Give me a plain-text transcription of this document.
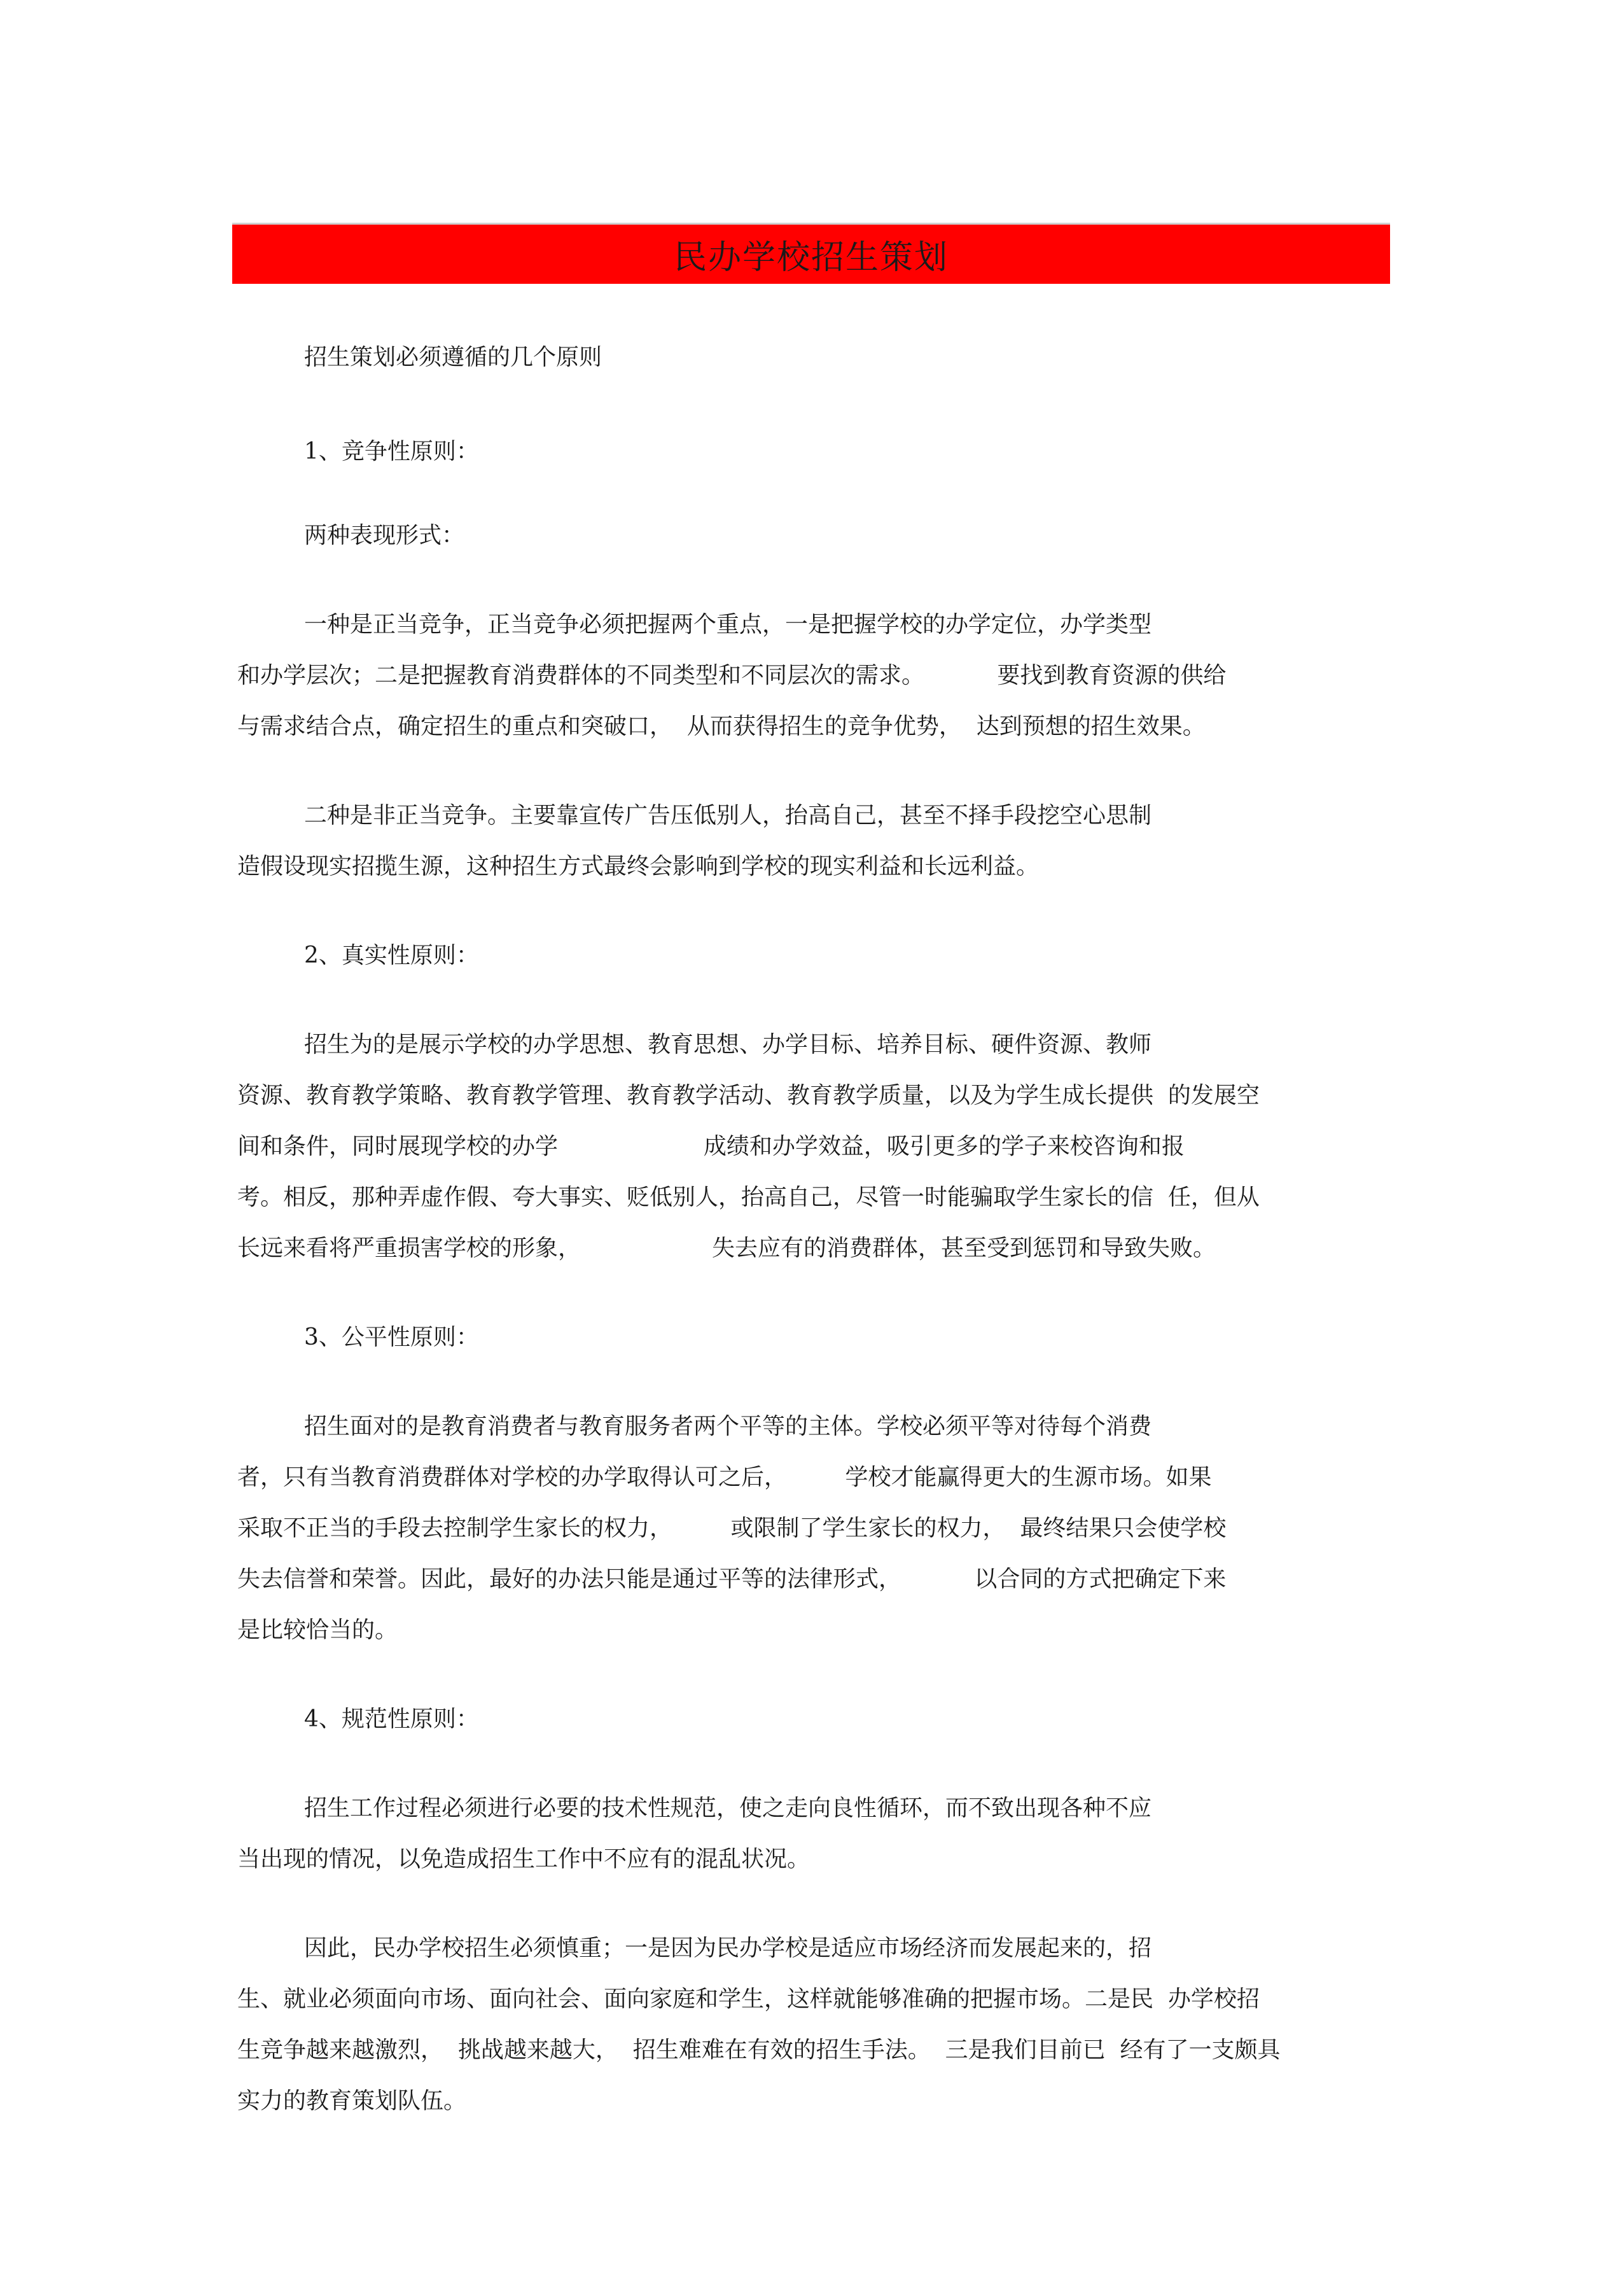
民办学校招生策划
招生策划必须遵循的几个原则
1、竞争性原则：
两种表现形式：
一种是正当竞争，正当竞争必须把握两个重点，一是把握学校的办学定位，办学类型
和办学层次；二是把握教育消费群体的不同类型和不同层次的需求。          要找到教育资源的供给
与需求结合点，确定招生的重点和突破口，  从而获得招生的竞争优势，  达到预想的招生效果。
二种是非正当竞争。主要靠宣传广告压低别人，抬高自己，甚至不择手段挖空心思制
造假设现实招揽生源，这种招生方式最终会影响到学校的现实利益和长远利益。
2、真实性原则：
招生为的是展示学校的办学思想、教育思想、办学目标、培养目标、硬件资源、教师
资源、教育教学策略、教育教学管理、教育教学活动、教育教学质量，以及为学生成长提供  的发展空
间和条件，同时展现学校的办学                    成绩和办学效益，吸引更多的学子来校咨询和报
考。相反，那种弄虚作假、夸大事实、贬低别人，抬高自己，尽管一时能骗取学生家长的信  任，但从
长远来看将严重损害学校的形象，                  失去应有的消费群体，甚至受到惩罚和导致失败。
3、公平性原则：
招生面对的是教育消费者与教育服务者两个平等的主体。学校必须平等对待每个消费
者，只有当教育消费群体对学校的办学取得认可之后，        学校才能赢得更大的生源市场。如果
采取不正当的手段去控制学生家长的权力，        或限制了学生家长的权力，  最终结果只会使学校
失去信誉和荣誉。因此，最好的办法只能是通过平等的法律形式，          以合同的方式把确定下来
是比较恰当的。
4、规范性原则：
招生工作过程必须进行必要的技术性规范，使之走向良性循环，而不致出现各种不应
当出现的情况，以免造成招生工作中不应有的混乱状况。
因此，民办学校招生必须慎重；一是因为民办学校是适应市场经济而发展起来的，招
生、就业必须面向市场、面向社会、面向家庭和学生，这样就能够准确的把握市场。二是民  办学校招
生竞争越来越激烈，  挑战越来越大，  招生难难在有效的招生手法。  三是我们目前已  经有了一支颇具
实力的教育策划队伍。
